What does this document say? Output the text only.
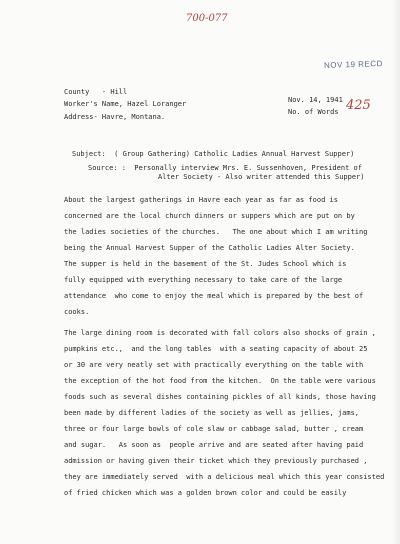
700-077
NOV 19 RECD
County   - Hill
Worker's Name, Hazel Loranger
Address- Havre, Montana.
Nov. 14, 1941
No. of Words 425
Subject:  ( Group Gathering) Catholic Ladies Annual Harvest Supper)
Source: :  Personally interview Mrs. E. Sussenhoven, President of
Alter Society - Also writer attended this Supper)
About the largest gatherings in Havre each year as far as food is
concerned are the local church dinners or suppers which are put on by
the ladies societies of the churches.   The one about which I am writing
being the Annual Harvest Supper of the Catholic Ladies Alter Society.
The supper is held in the basement of the St. Judes School which is
fully equipped with everything necessary to take care of the large
attendance  who come to enjoy the meal which is prepared by the best of
cooks.
The large dining room is decorated with fall colors also shocks of grain ,
pumpkins etc.,  and the long tables  with a seating capacity of about 25
or 30 are very neatly set with practically everything on the table with
the exception of the hot food from the kitchen.  On the table were various
foods such as several dishes containing pickles of all kinds, those having
been made by different ladies of the society as well as jellies, jams,
three or four large bowls of cole slaw or cabbage salad, butter , cream
and sugar.   As soon as  people arrive and are seated after having paid
admission or having given their ticket which they previously purchased ,
they are immediately served  with a delicious meal which this year consisted
of fried chicken which was a golden brown color and could be easily
